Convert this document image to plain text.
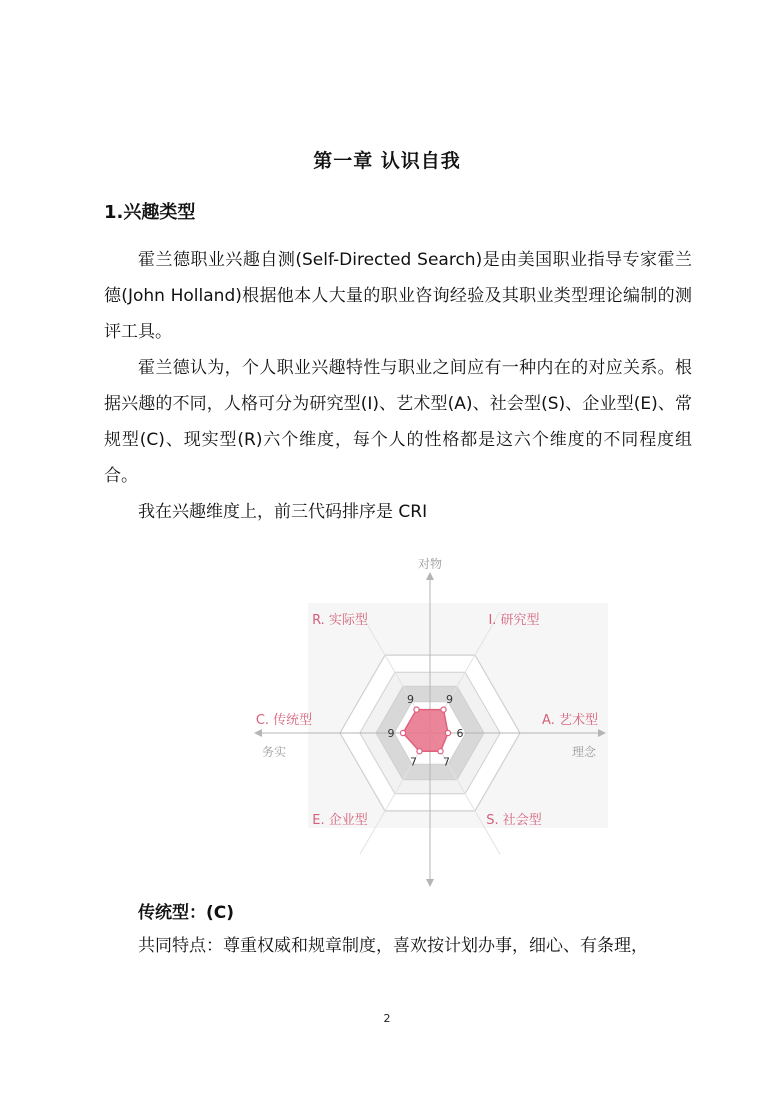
第一章 认识自我
1.兴趣类型

霍兰德职业兴趣自测(Self-Directed Search)是由美国职业指导专家霍兰德(John Holland)根据他本人大量的职业咨询经验及其职业类型理论编制的测评工具。

霍兰德认为，个人职业兴趣特性与职业之间应有一种内在的对应关系。根据兴趣的不同，人格可分为研究型(I)、艺术型(A)、社会型(S)、企业型(E)、常规型(C)、现实型(R)六个维度，每个人的性格都是这六个维度的不同程度组合。

我在兴趣维度上，前三代码排序是 CRI

对物
务实	理念
R. 实际型	I. 研究型
A. 艺术型
S. 社会型
E. 企业型
C. 传统型
9	9
6
7
7
9
传统型：(C)

共同特点：尊重权威和规章制度，喜欢按计划办事，细心、有条理，

2
